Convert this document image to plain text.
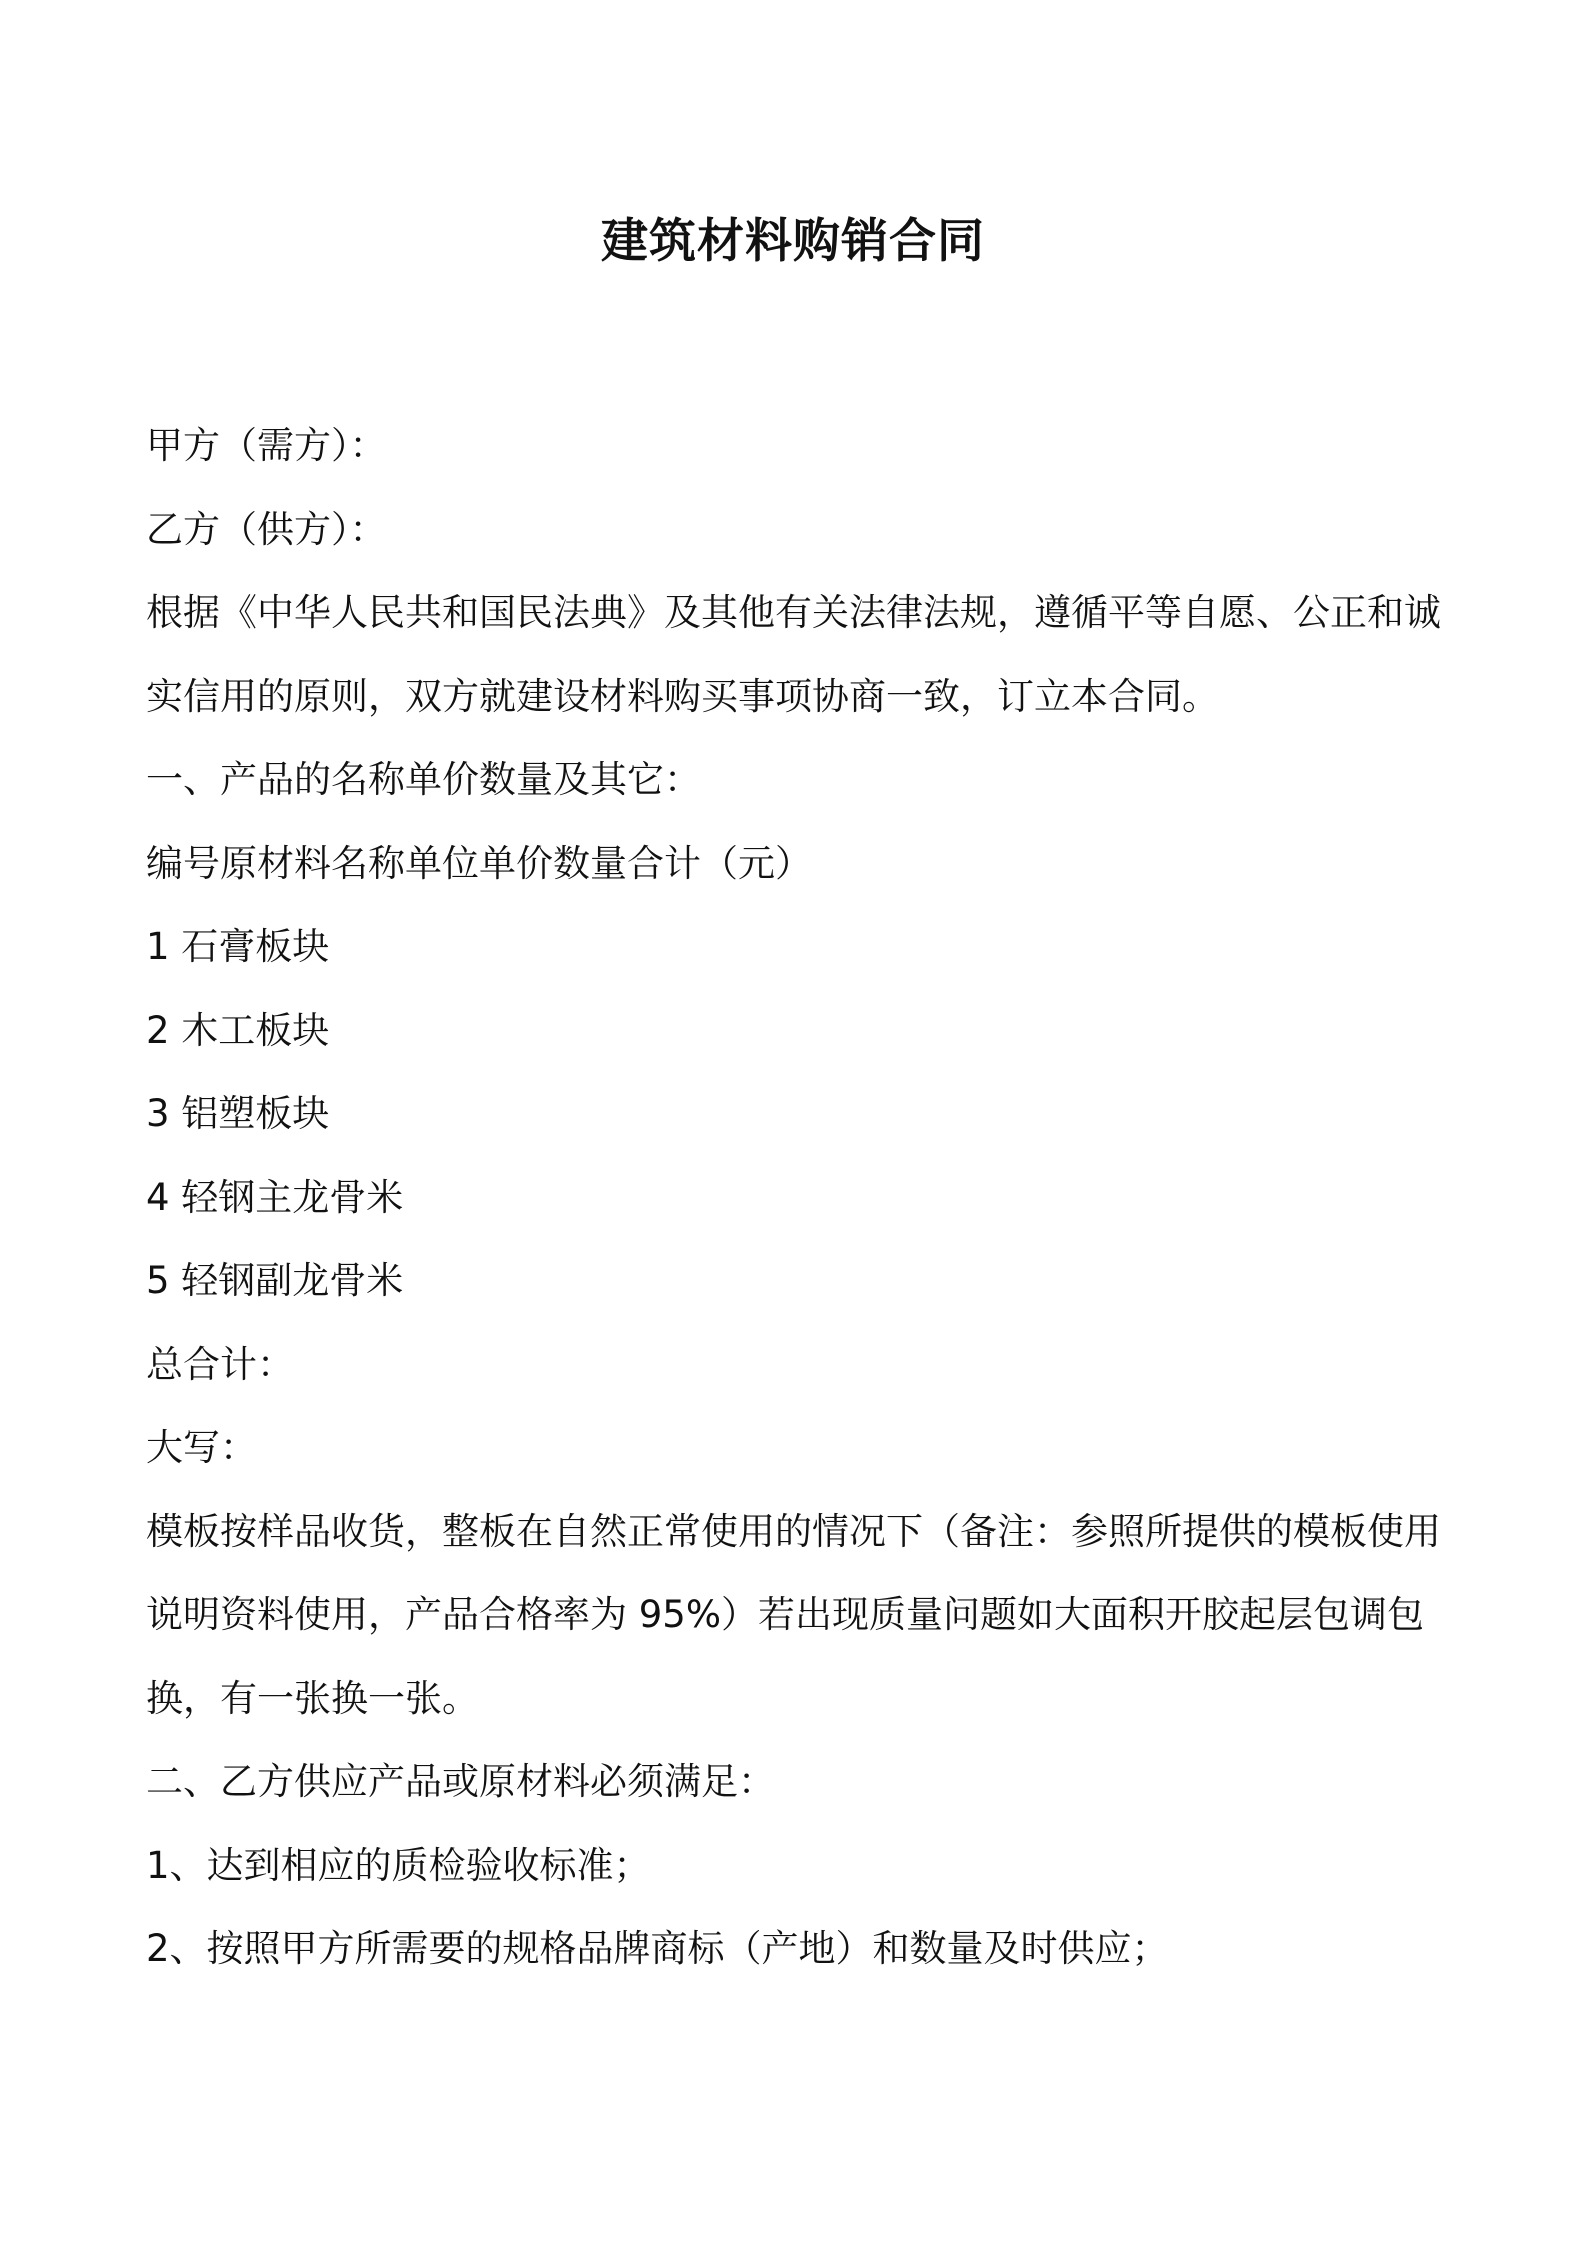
建筑材料购销合同
甲方（需方）：
乙方（供方）：
根据《中华人民共和国民法典》及其他有关法律法规，遵循平等自愿、公正和诚
实信用的原则，双方就建设材料购买事项协商一致，订立本合同。
一、产品的名称单价数量及其它：
编号原材料名称单位单价数量合计（元）
1 石膏板块
2 木工板块
3 铝塑板块
4 轻钢主龙骨米
5 轻钢副龙骨米
总合计：
大写：
模板按样品收货，整板在自然正常使用的情况下（备注：参照所提供的模板使用
说明资料使用，产品合格率为 95%）若出现质量问题如大面积开胶起层包调包
换，有一张换一张。
二、乙方供应产品或原材料必须满足：
1、达到相应的质检验收标准；
2、按照甲方所需要的规格品牌商标（产地）和数量及时供应；
